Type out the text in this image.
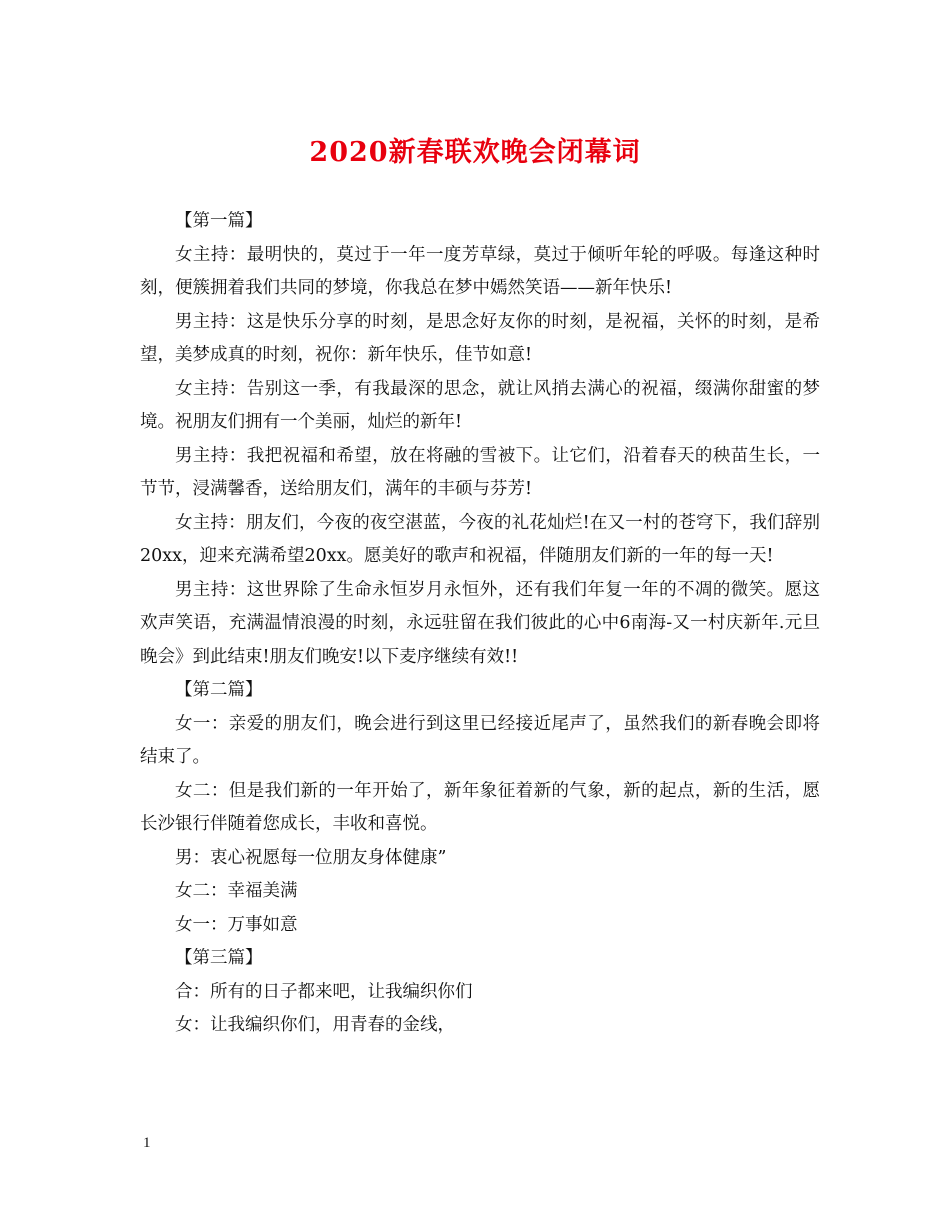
2020新春联欢晚会闭幕词

【第一篇】

女主持：最明快的，莫过于一年一度芳草绿，莫过于倾听年轮的呼吸。每逢这种时刻，便簇拥着我们共同的梦境，你我总在梦中嫣然笑语——新年快乐!

男主持：这是快乐分享的时刻，是思念好友你的时刻，是祝福，关怀的时刻，是希望，美梦成真的时刻，祝你：新年快乐，佳节如意!

女主持：告别这一季，有我最深的思念，就让风捎去满心的祝福，缀满你甜蜜的梦境。祝朋友们拥有一个美丽，灿烂的新年!

男主持：我把祝福和希望，放在将融的雪被下。让它们，沿着春天的秧苗生长，一节节，浸满馨香，送给朋友们，满年的丰硕与芬芳!

女主持：朋友们，今夜的夜空湛蓝，今夜的礼花灿烂!在又一村的苍穹下，我们辞别20xx，迎来充满希望20xx。愿美好的歌声和祝福，伴随朋友们新的一年的每一天!

男主持：这世界除了生命永恒岁月永恒外，还有我们年复一年的不凋的微笑。愿这欢声笑语，充满温情浪漫的时刻，永远驻留在我们彼此的心中6南海-又一村庆新年.元旦晚会》到此结束!朋友们晚安!以下麦序继续有效!!

【第二篇】

女一：亲爱的朋友们，晚会进行到这里已经接近尾声了，虽然我们的新春晚会即将结束了。

女二：但是我们新的一年开始了，新年象征着新的气象，新的起点，新的生活，愿长沙银行伴随着您成长，丰收和喜悦。

男：衷心祝愿每一位朋友身体健康”

女二：幸福美满

女一：万事如意

【第三篇】

合：所有的日子都来吧，让我编织你们

女：让我编织你们，用青春的金线，

1
